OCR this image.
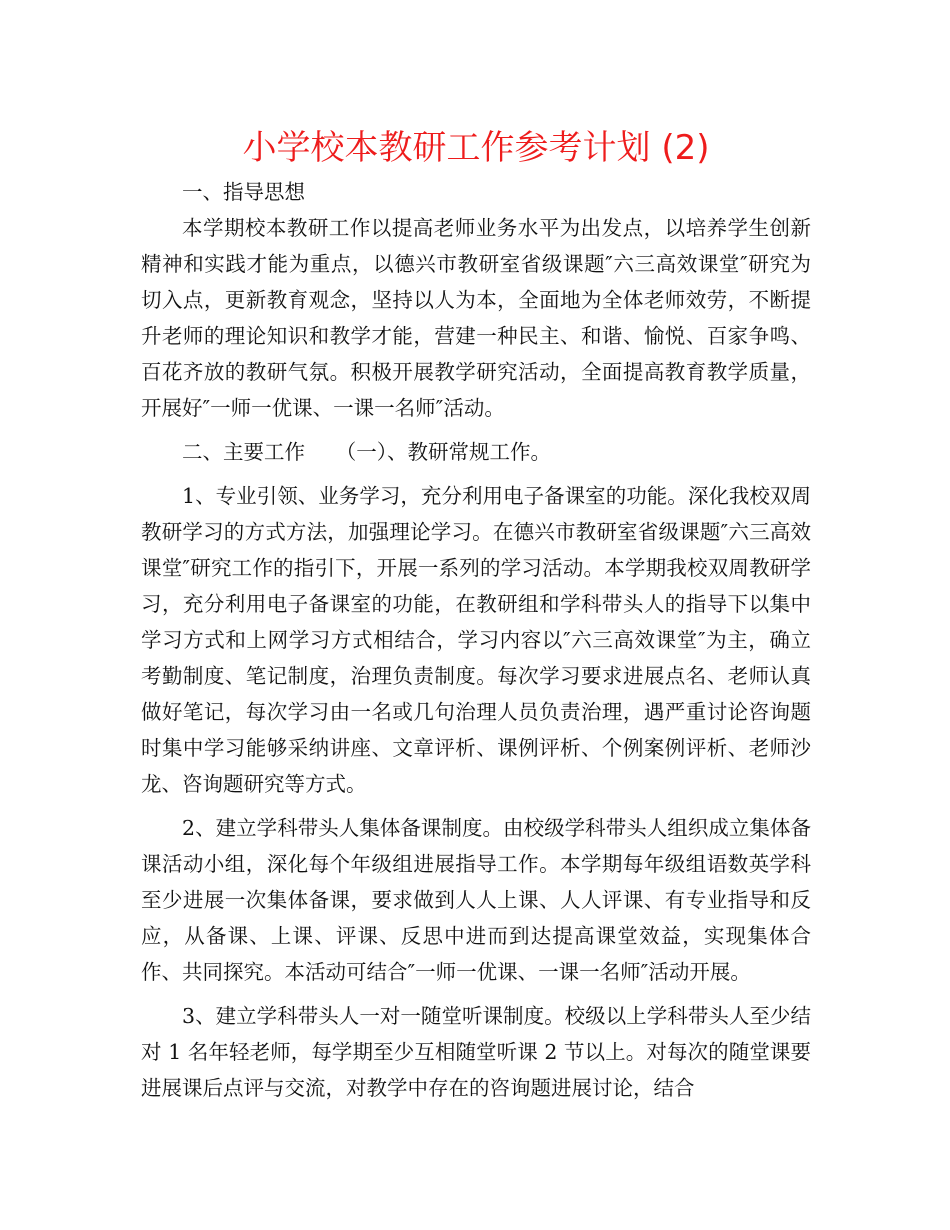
小学校本教研工作参考计划 (2)

一、指导思想

本学期校本教研工作以提高老师业务水平为出发点，以培养学生创新精神和实践才能为重点，以德兴市教研室省级课题″六三高效课堂″研究为切入点，更新教育观念，坚持以人为本，全面地为全体老师效劳，不断提升老师的理论知识和教学才能，营建一种民主、和谐、愉悦、百家争鸣、百花齐放的教研气氛。积极开展教学研究活动，全面提高教育教学质量，开展好″一师一优课、一课一名师″活动。

二、主要工作　　（一）、教研常规工作。

1、专业引领、业务学习，充分利用电子备课室的功能。深化我校双周教研学习的方式方法，加强理论学习。在德兴市教研室省级课题″六三高效课堂″研究工作的指引下，开展一系列的学习活动。本学期我校双周教研学习，充分利用电子备课室的功能，在教研组和学科带头人的指导下以集中学习方式和上网学习方式相结合，学习内容以″六三高效课堂″为主，确立考勤制度、笔记制度，治理负责制度。每次学习要求进展点名、老师认真做好笔记，每次学习由一名或几句治理人员负责治理，遇严重讨论咨询题时集中学习能够采纳讲座、文章评析、课例评析、个例案例评析、老师沙龙、咨询题研究等方式。

2、建立学科带头人集体备课制度。由校级学科带头人组织成立集体备课活动小组，深化每个年级组进展指导工作。本学期每年级组语数英学科至少进展一次集体备课，要求做到人人上课、人人评课、有专业指导和反应，从备课、上课、评课、反思中进而到达提高课堂效益，实现集体合作、共同探究。本活动可结合″一师一优课、一课一名师″活动开展。

3、建立学科带头人一对一随堂听课制度。校级以上学科带头人至少结对 1 名年轻老师，每学期至少互相随堂听课 2 节以上。对每次的随堂课要进展课后点评与交流，对教学中存在的咨询题进展讨论，结合
